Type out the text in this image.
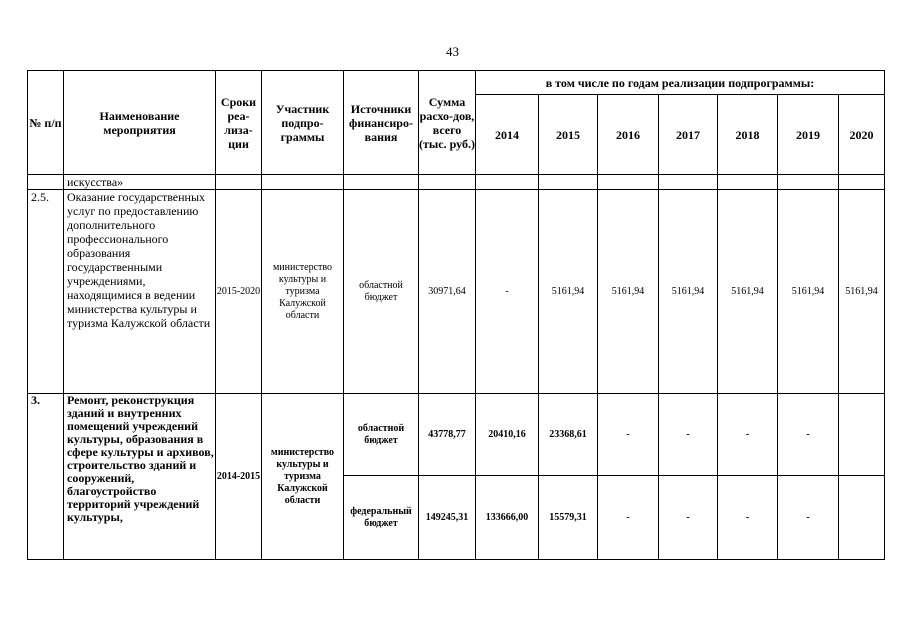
43
№ п/п	Наименование мероприятия	Сроки реа-лиза-ции	Участник подпро-граммы	Источники финансиро-вания	Сумма расхо-дов, всего (тыс. руб.)	в том числе по годам реализации подпрограммы:						
						2014	2015	2016	2017	2018	2019	2020
	искусства»											
2.5.	Оказание государственных услуг по предоставлению дополнительного профессионального образования государственными учреждениями, находящимися в ведении министерства культуры и туризма Калужской области	2015-2020	министерство культуры и туризма Калужской области	областной бюджет	30971,64	-	5161,94	5161,94	5161,94	5161,94	5161,94	5161,94
3.	Ремонт, реконструкция зданий и внутренних помещений учреждений культуры, образования в сфере культуры и архивов, строительство зданий и сооружений, благоустройство территорий учреждений культуры,	2014-2015	министерство культуры и туризма Калужской области	областной бюджет	43778,77	20410,16	23368,61	-	-	-	-	
				федеральный бюджет	149245,31	133666,00	15579,31	-	-	-	-	
